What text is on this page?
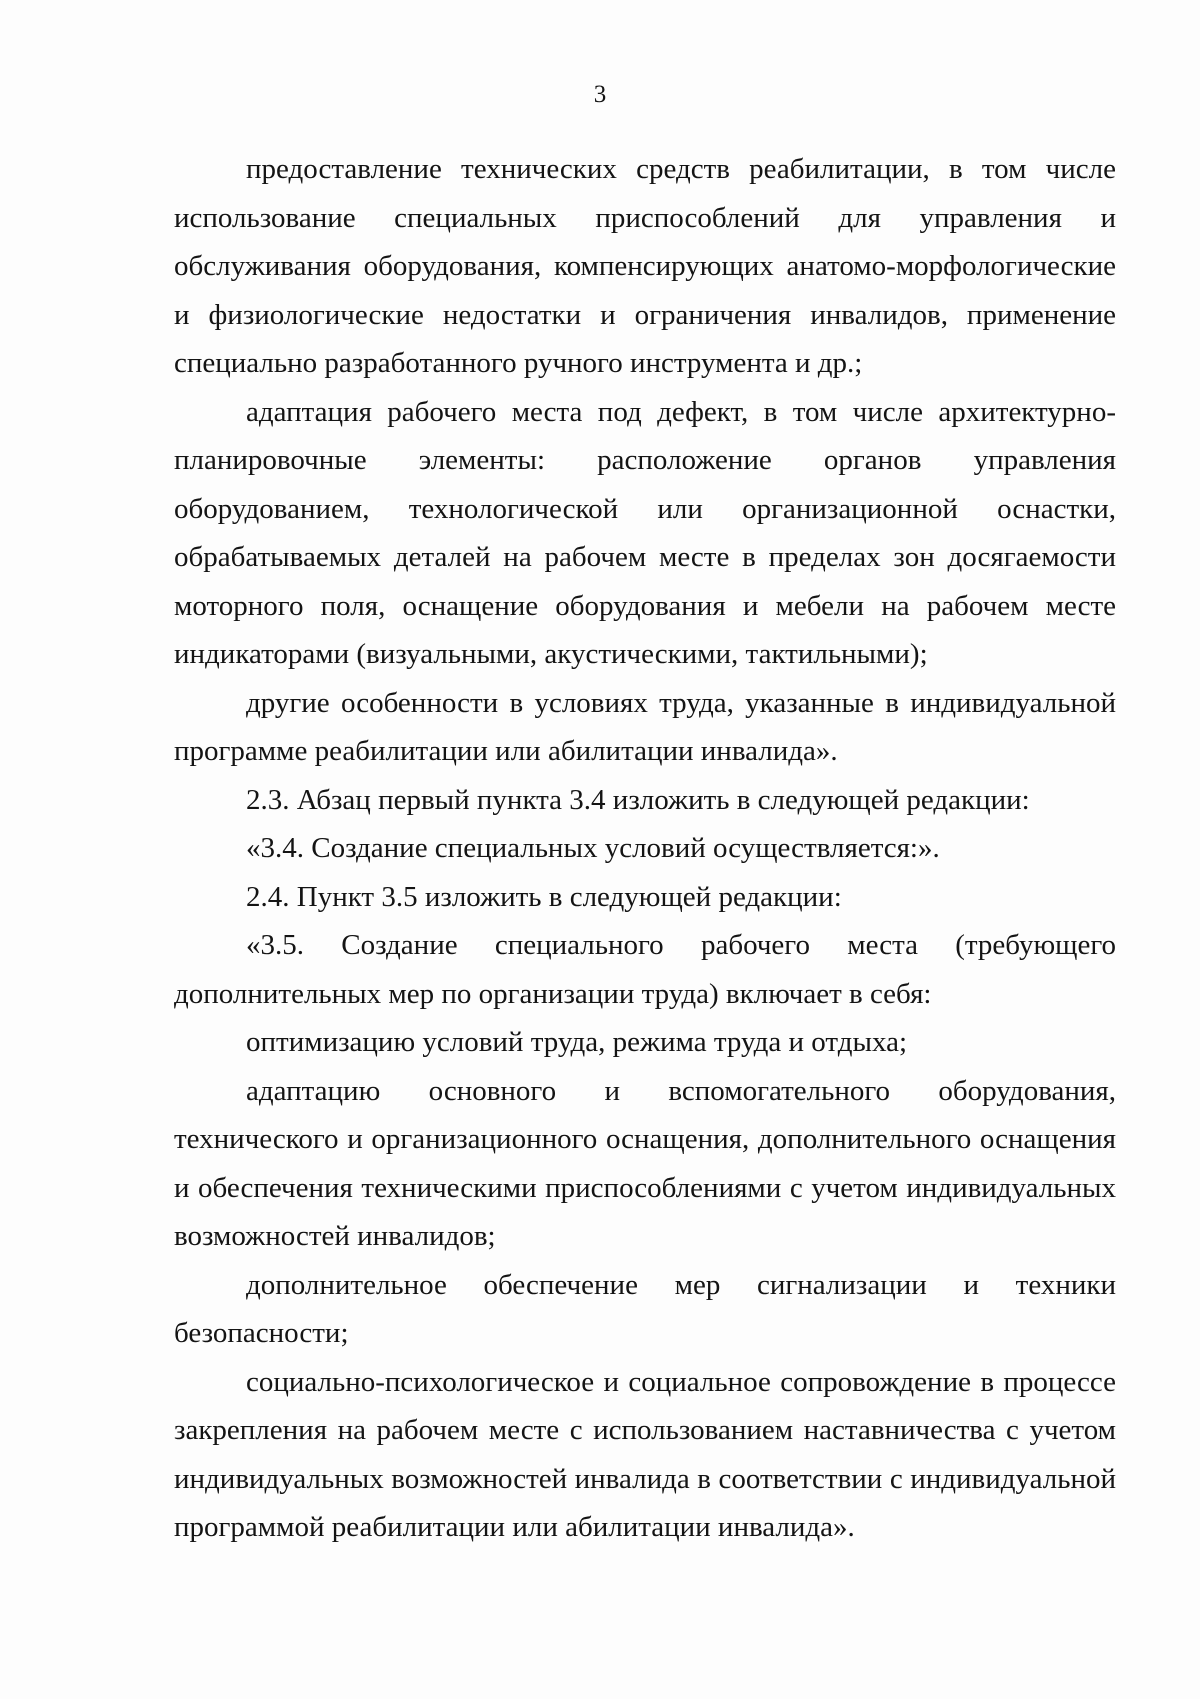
3

предоставление технических средств реабилитации, в том числе использование специальных приспособлений для управления и обслуживания оборудования, компенсирующих анатомо-морфологические и физиологические недостатки и ограничения инвалидов, применение специально разработанного ручного инструмента и др.;

адаптация рабочего места под дефект, в том числе архитектурно-планировочные элементы: расположение органов управления оборудованием, технологической или организационной оснастки, обрабатываемых деталей на рабочем месте в пределах зон досягаемости моторного поля, оснащение оборудования и мебели на рабочем месте индикаторами (визуальными, акустическими, тактильными);

другие особенности в условиях труда, указанные в индивидуальной программе реабилитации или абилитации инвалида».

2.3. Абзац первый пункта 3.4 изложить в следующей редакции:

«3.4. Создание специальных условий осуществляется:».

2.4. Пункт 3.5 изложить в следующей редакции:

«3.5. Создание специального рабочего места (требующего дополнительных мер по организации труда) включает в себя:

оптимизацию условий труда, режима труда и отдыха;

адаптацию основного и вспомогательного оборудования, технического и организационного оснащения, дополнительного оснащения и обеспечения техническими приспособлениями с учетом индивидуальных возможностей инвалидов;

дополнительное обеспечение мер сигнализации и техники безопасности;

социально-психологическое и социальное сопровождение в процессе закрепления на рабочем месте с использованием наставничества с учетом индивидуальных возможностей инвалида в соответствии с индивидуальной программой реабилитации или абилитации инвалида».
